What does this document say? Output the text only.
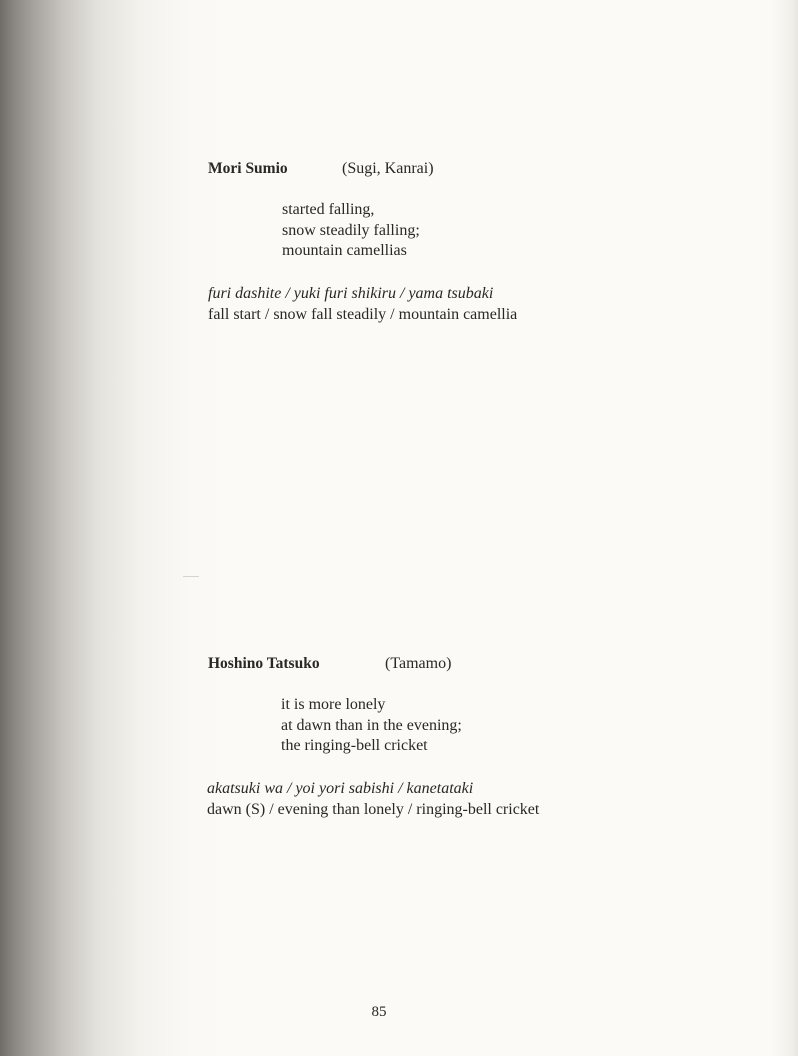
Mori Sumio	(Sugi, Kanrai)
started falling,
snow steadily falling;
mountain camellias
furi dashite / yuki furi shikiru / yama tsubaki
fall start / snow fall steadily / mountain camellia
Hoshino Tatsuko	(Tamamo)
it is more lonely
at dawn than in the evening;
the ringing-bell cricket
akatsuki wa / yoi yori sabishi / kanetataki
dawn (S) / evening than lonely / ringing-bell cricket
85
